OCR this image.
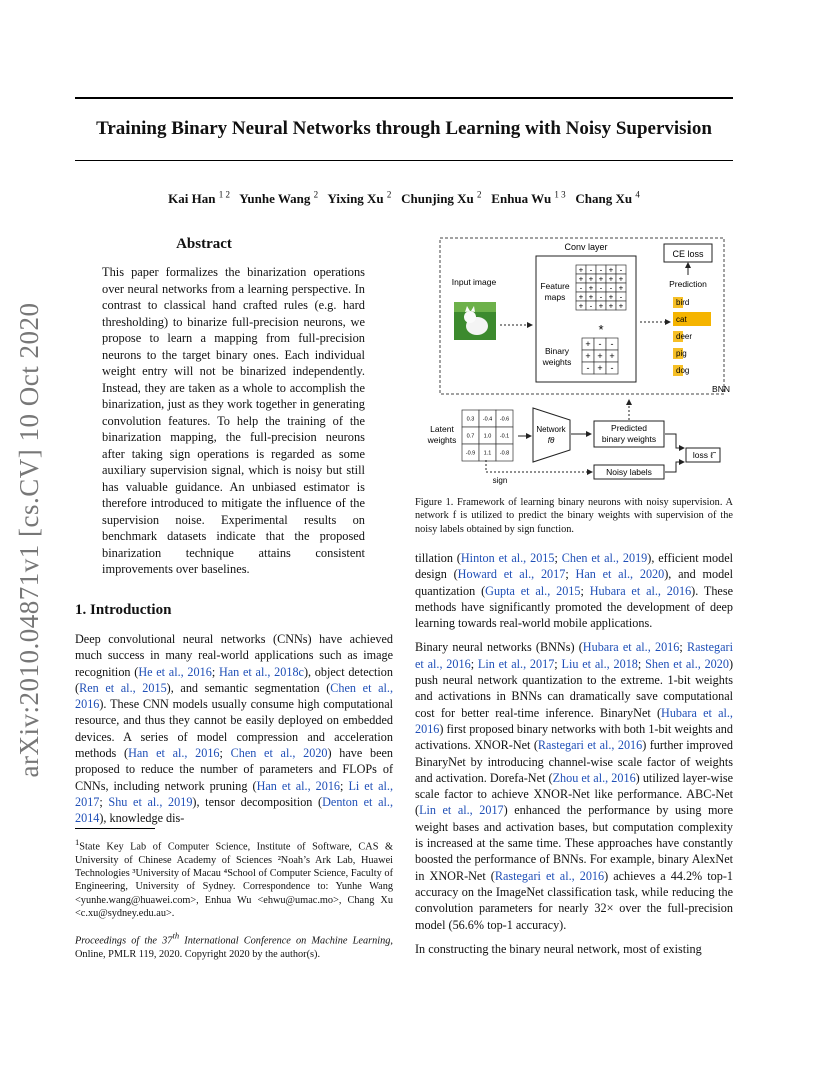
Training Binary Neural Networks through Learning with Noisy Supervision
Kai Han $^{1 2}$ Yunhe Wang $^2$ Yixing Xu $^2$ Chunjing Xu $^2$ Enhua Wu $^{1 3}$ Chang Xu $^4$
arXiv:2010.04871v1 [cs.CV] 10 Oct 2020
Abstract

This paper formalizes the binarization operations over neural networks from a learning perspective. In contrast to classical hand crafted rules (e.g. hard thresholding) to binarize full-precision neurons, we propose to learn a mapping from full-precision neurons to the target binary ones. Each individual weight entry will not be binarized independently. Instead, they are taken as a whole to accomplish the binarization, just as they work together in generating convolution features. To help the training of the binarization mapping, the full-precision neurons after taking sign operations is regarded as some auxiliary supervision signal, which is noisy but still has valuable guidance. An unbiased estimator is therefore introduced to mitigate the influence of the supervision noise. Experimental results on benchmark datasets indicate that the proposed binarization technique attains consistent improvements over baselines.

1. Introduction

Deep convolutional neural networks (CNNs) have achieved much success in many real-world applications such as image recognition (He et al., 2016; Han et al., 2018c), object detection (Ren et al., 2015), and semantic segmentation (Chen et al., 2016). These CNN models usually consume high computational resource, and thus they cannot be easily deployed on embedded devices. A series of model compression and acceleration methods (Han et al., 2016; Chen et al., 2020) have been proposed to reduce the number of parameters and FLOPs of CNNs, including network pruning (Han et al., 2016; Li et al., 2017; Shu et al., 2019), tensor decomposition (Denton et al., 2014), knowledge dis-

$^1$State Key Lab of Computer Science, Institute of Software, CAS & University of Chinese Academy of Sciences ²Noah’s Ark Lab, Huawei Technologies ³University of Macau ⁴School of Computer Science, Faculty of Engineering, University of Sydney. Correspondence to: Yunhe Wang <yunhe.wang@huawei.com>, Enhua Wu <ehwu@umac.mo>, Chang Xu <c.xu@sydney.edu.au>.

Proceedings of the 37th International Conference on Machine Learning, Online, PMLR 119, 2020. Copyright 2020 by the author(s).

Conv layer
CE loss
Input image	Feature
maps
+ - - + -
+ + + + +
- + - - +
+ + - + -
+ - + + +
*
Binary
weights
+ - -
+ + +
- + -
Prediction
bird
cat
deer
pig
dog
BNN
Latent
weights
0.3 -0.4 -0.6
0.7 1.0 -0.1
-0.9 1.1 -0.8
Network
fθ
Predicted
binary weights
Noisy labels
sign
loss ℓ̃
Figure 1. Framework of learning binary neurons with noisy supervision. A network f is utilized to predict the binary weights with supervision of the noisy labels obtained by sign function.

tillation (Hinton et al., 2015; Chen et al., 2019), efficient model design (Howard et al., 2017; Han et al., 2020), and model quantization (Gupta et al., 2015; Hubara et al., 2016). These methods have significantly promoted the development of deep learning towards real-world mobile applications.

Binary neural networks (BNNs) (Hubara et al., 2016; Rastegari et al., 2016; Lin et al., 2017; Liu et al., 2018; Shen et al., 2020) push neural network quantization to the extreme. 1-bit weights and activations in BNNs can dramatically save computational cost for better real-time inference. BinaryNet (Hubara et al., 2016) first proposed binary networks with both 1-bit weights and activations. XNOR-Net (Rastegari et al., 2016) further improved BinaryNet by introducing channel-wise scale factor of weights and activation. Dorefa-Net (Zhou et al., 2016) utilized layer-wise scale factor to achieve XNOR-Net like performance. ABC-Net (Lin et al., 2017) enhanced the performance by using more weight bases and activation bases, but computation complexity is increased at the same time. These approaches have constantly boosted the performance of BNNs. For example, binary AlexNet in XNOR-Net (Rastegari et al., 2016) achieves a 44.2% top-1 accuracy on the ImageNet classification task, while reducing the convolution parameters for nearly 32× over the full-precision model (56.6% top-1 accuracy).

In constructing the binary neural network, most of existing
